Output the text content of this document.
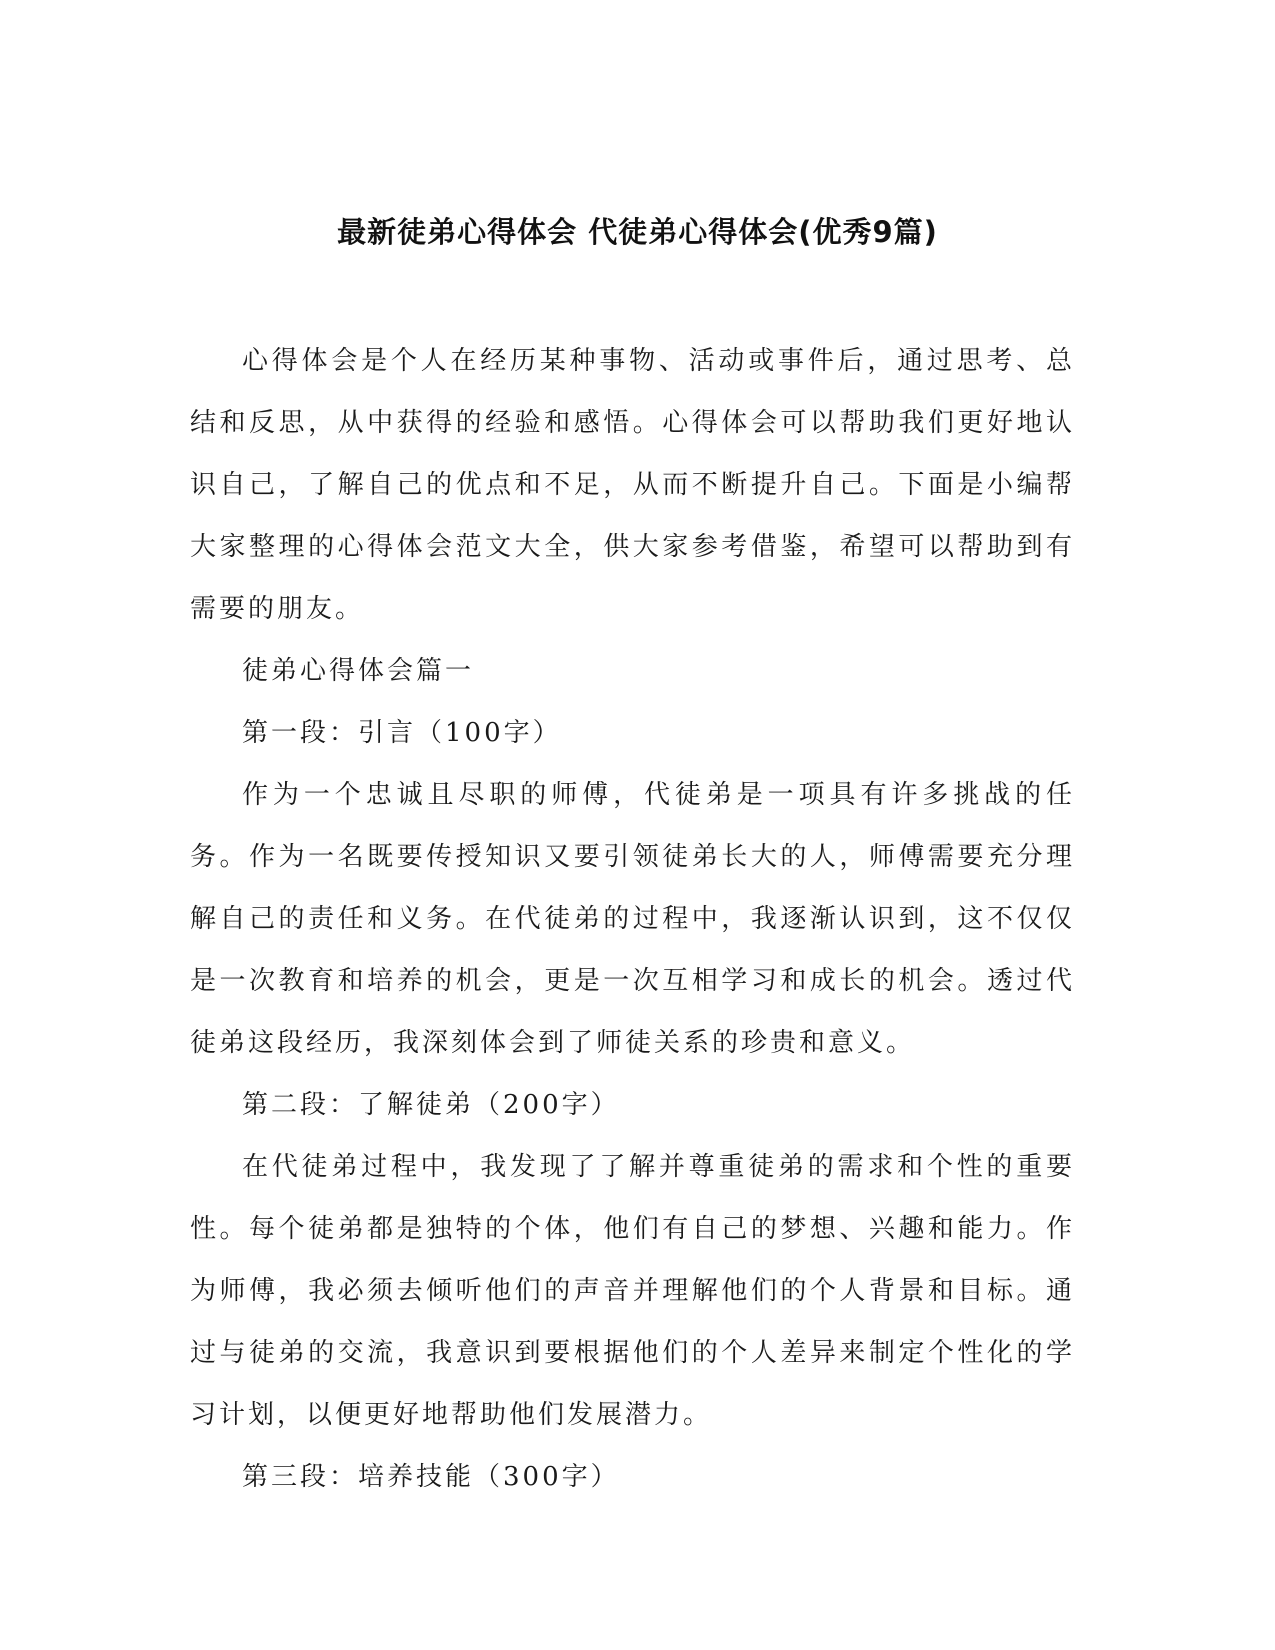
最新徒弟心得体会 代徒弟心得体会(优秀9篇)

心得体会是个人在经历某种事物、活动或事件后，通过思考、总结和反思，从中获得的经验和感悟。心得体会可以帮助我们更好地认识自己，了解自己的优点和不足，从而不断提升自己。下面是小编帮大家整理的心得体会范文大全，供大家参考借鉴，希望可以帮助到有需要的朋友。

徒弟心得体会篇一

第一段：引言（100字）

作为一个忠诚且尽职的师傅，代徒弟是一项具有许多挑战的任务。作为一名既要传授知识又要引领徒弟长大的人，师傅需要充分理解自己的责任和义务。在代徒弟的过程中，我逐渐认识到，这不仅仅是一次教育和培养的机会，更是一次互相学习和成长的机会。透过代徒弟这段经历，我深刻体会到了师徒关系的珍贵和意义。

第二段：了解徒弟（200字）

在代徒弟过程中，我发现了了解并尊重徒弟的需求和个性的重要性。每个徒弟都是独特的个体，他们有自己的梦想、兴趣和能力。作为师傅，我必须去倾听他们的声音并理解他们的个人背景和目标。通过与徒弟的交流，我意识到要根据他们的个人差异来制定个性化的学习计划，以便更好地帮助他们发展潜力。

第三段：培养技能（300字）
